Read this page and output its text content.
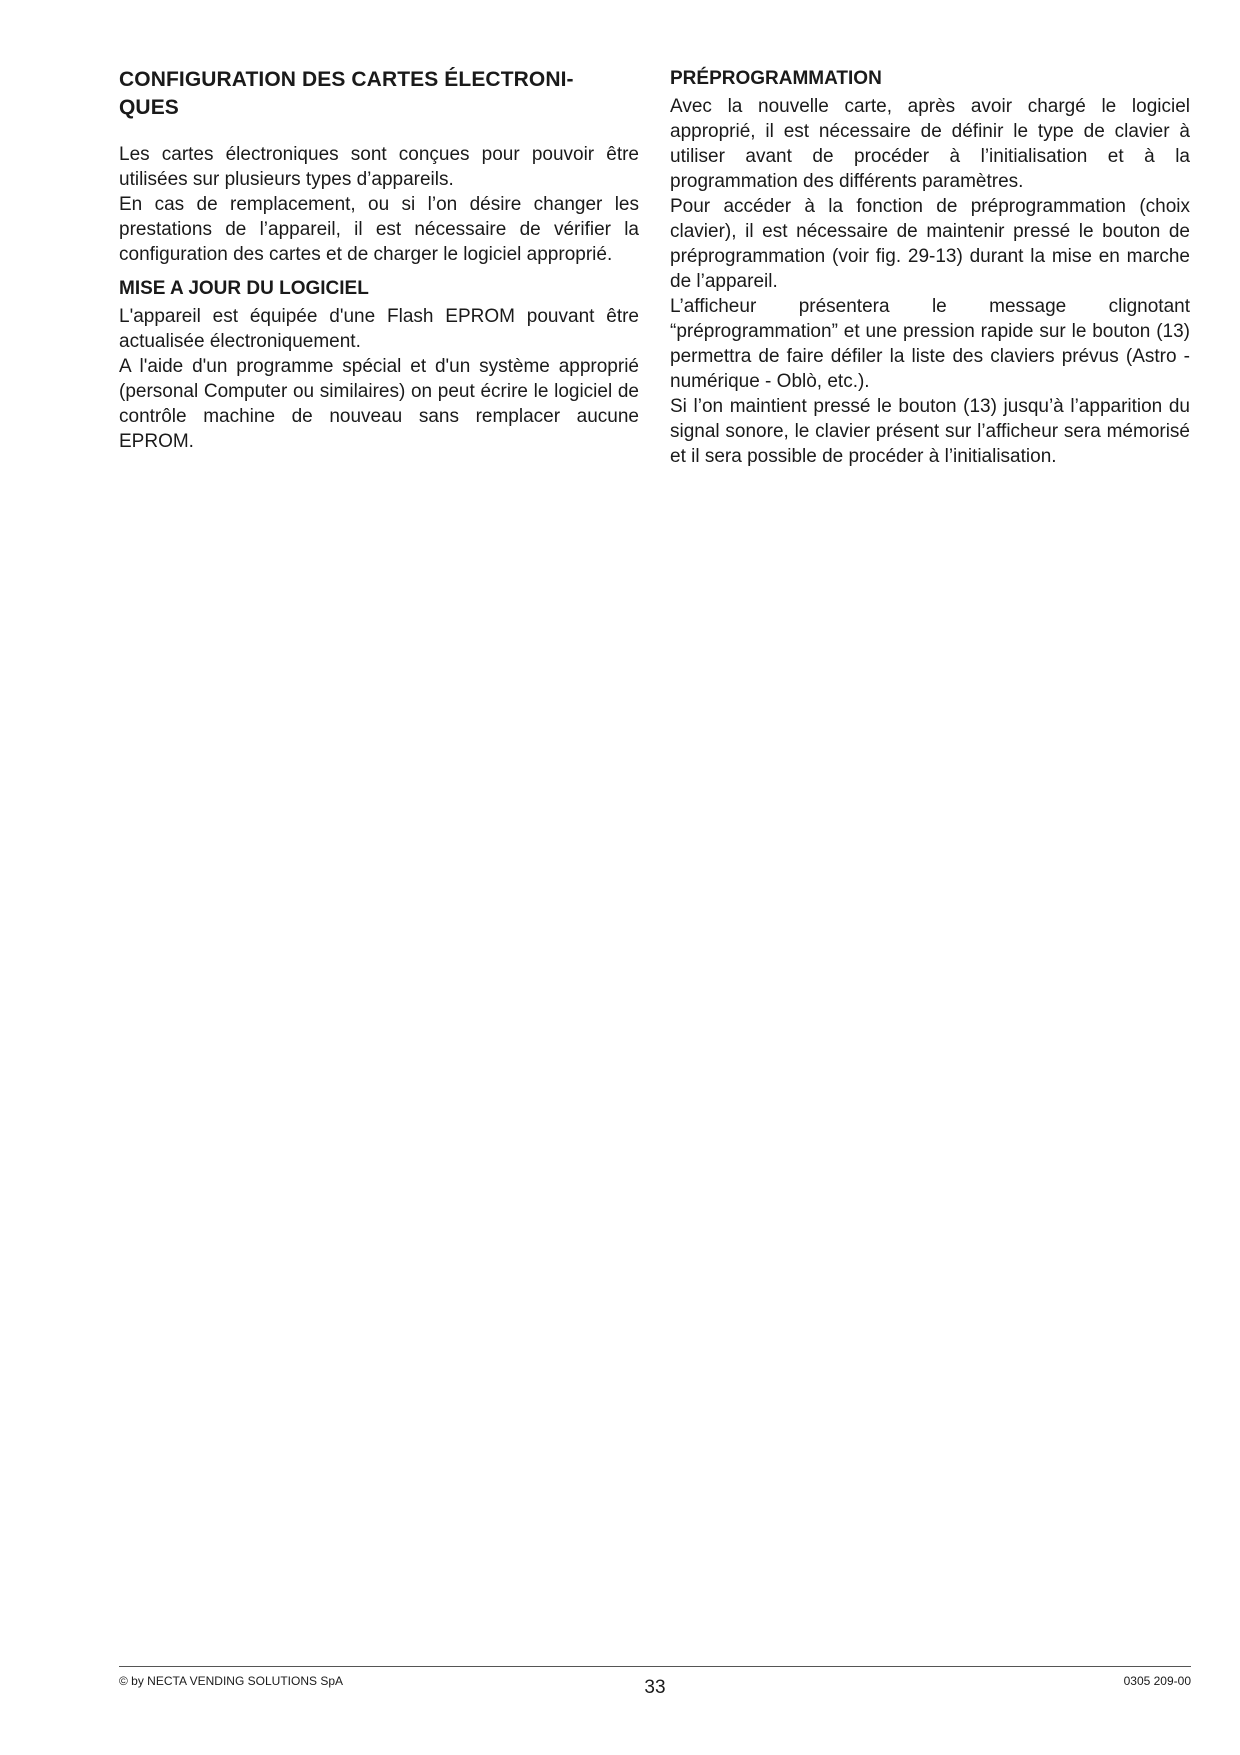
CONFIGURATION DES CARTES ÉLECTRONI-
QUES

Les cartes électroniques sont conçues pour pouvoir être utilisées sur plusieurs types d’appareils.

En cas de remplacement, ou si l’on désire changer les prestations de l’appareil, il est nécessaire de vérifier la configuration des cartes et de charger le logiciel approprié.

MISE A JOUR DU LOGICIEL

L'appareil est équipée d'une Flash EPROM pouvant être actualisée électroniquement.

A l'aide d'un programme spécial et d'un système approprié (personal Computer ou similaires) on peut écrire le logiciel de contrôle machine de nouveau sans remplacer aucune EPROM.

PRÉPROGRAMMATION

Avec la nouvelle carte, après avoir chargé le logiciel approprié, il est nécessaire de définir le type de clavier à utiliser avant de procéder à l’initialisation et à la programmation des différents paramètres.

Pour accéder à la fonction de préprogrammation (choix clavier), il est nécessaire de maintenir pressé le bouton de préprogrammation (voir fig. 29-13) durant la mise en marche de l’appareil.

L’afficheur présentera le message clignotant “préprogrammation” et une pression rapide sur le bouton (13) permettra de faire défiler la liste des claviers prévus (Astro - numérique - Oblò, etc.).

Si l’on maintient pressé le bouton (13) jusqu’à l’apparition du signal sonore, le clavier présent sur l’afficheur sera mémorisé et il sera possible de procéder à l’initialisation.

© by NECTA VENDING SOLUTIONS SpA	33	0305 209-00
